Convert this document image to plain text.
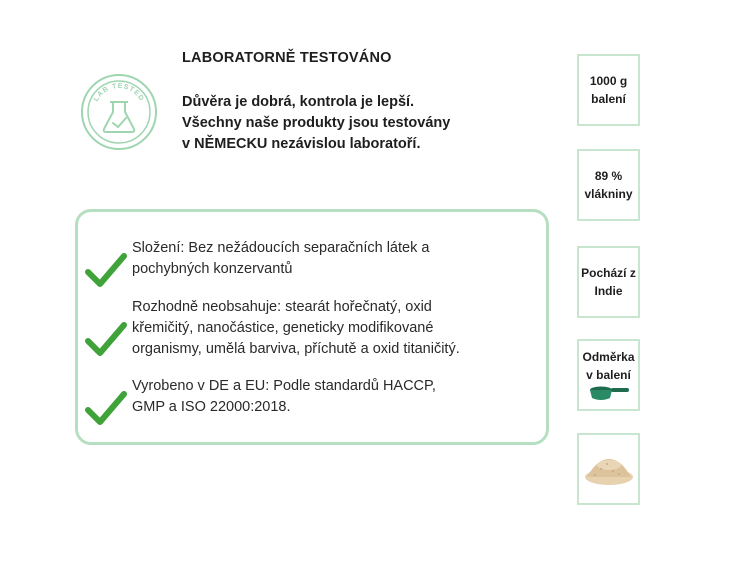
LAB TESTED
LABORATORNĚ TESTOVÁNO
Důvěra je dobrá, kontrola je lepší.
Všechny naše produkty jsou testovány
v NĚMECKU nezávislou laboratoří.
Složení: Bez nežádoucích separačních látek a
pochybných konzervantů
Rozhodně neobsahuje: stearát hořečnatý, oxid
křemičitý, nanočástice, geneticky modifikované
organismy, umělá barviva, příchutě a oxid titaničitý.
Vyrobeno v DE a EU: Podle standardů HACCP,
GMP a ISO 22000:2018.
1000 g
balení
89 %
vlákniny
Pochází z
Indie
Odměrka
v balení
